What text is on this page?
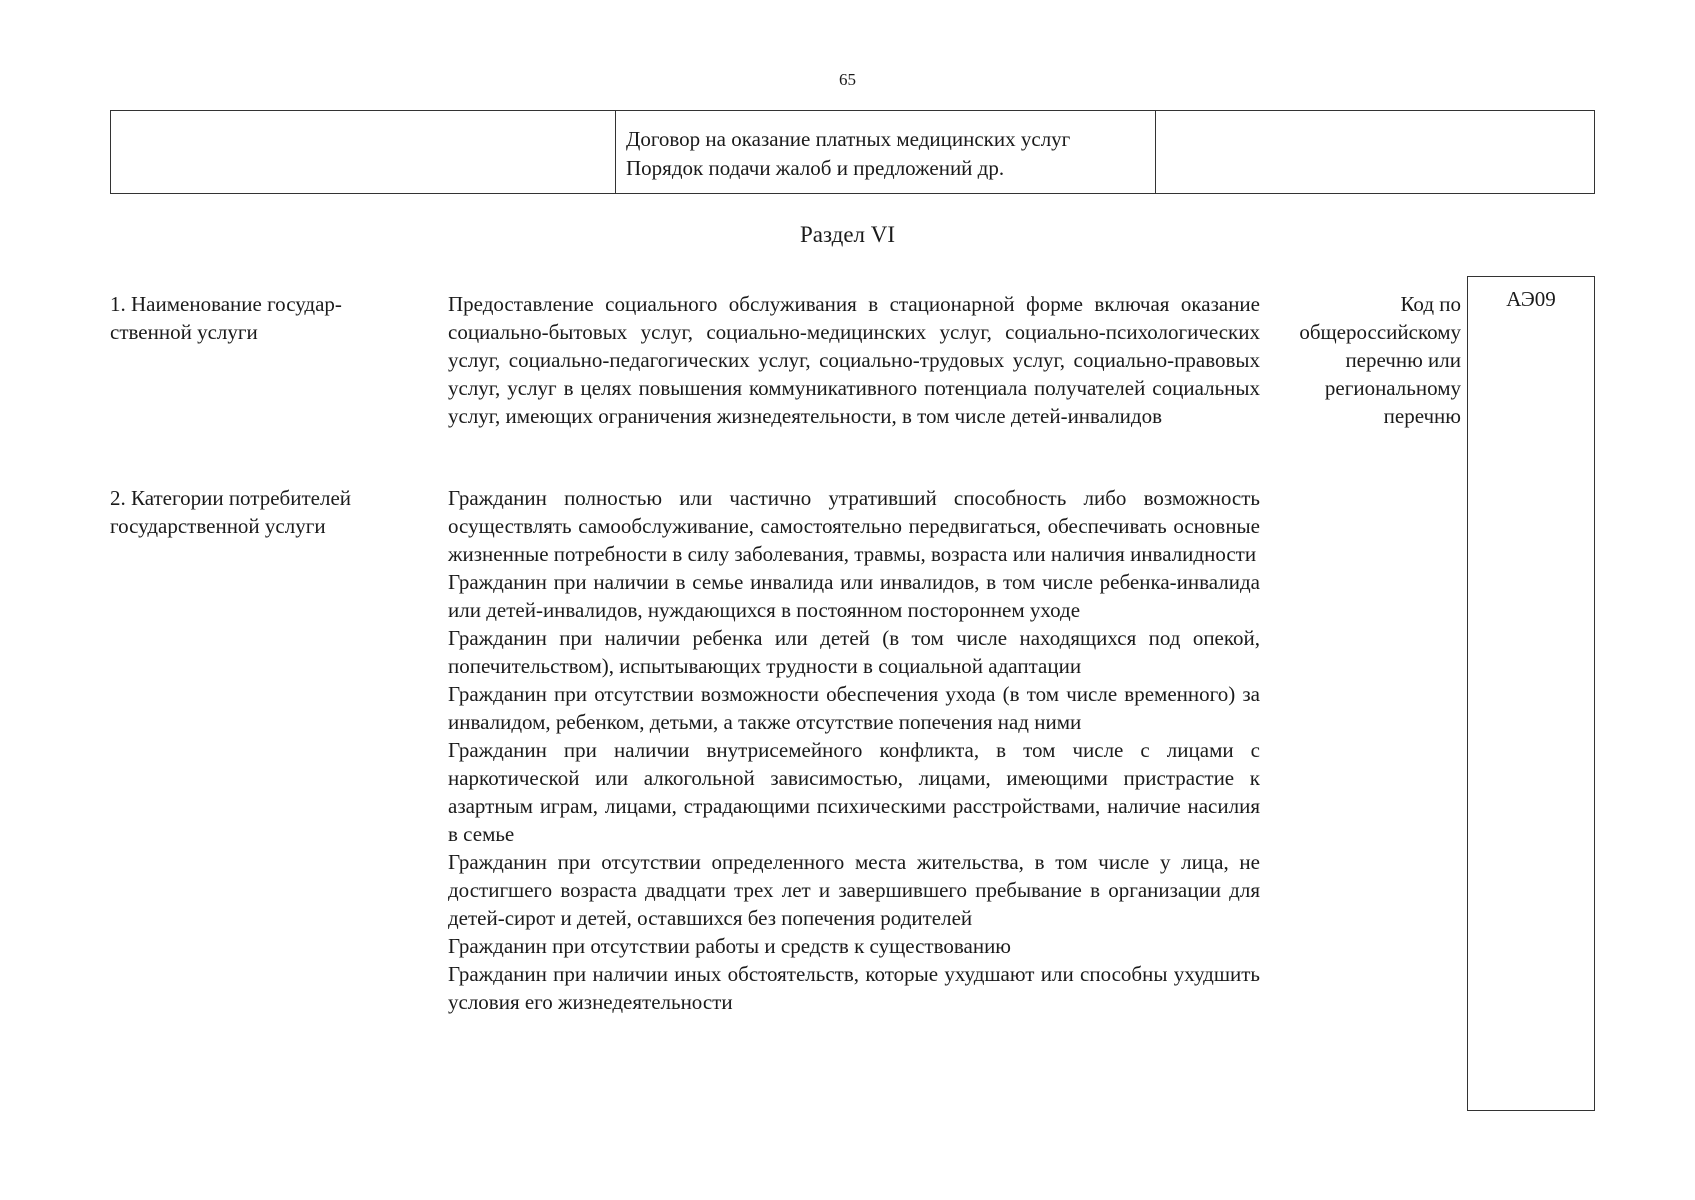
65
Договор на оказание платных медицинских услуг
Порядок подачи жалоб и предложений др.
Раздел VI
1. Наименование государ-ственной услуги

Предоставление социального обслуживания в стационарной форме включая оказание социально-бытовых услуг, социально-медицинских услуг, социально-психологических услуг, социально-педагогических услуг, социально-трудовых услуг, социально-правовых услуг, услуг в целях повышения коммуникативного потенциала получателей социальных услуг, имеющих ограничения жизнедеятельности, в том числе детей-инвалидов

Код по общероссийскому перечню или региональному перечню
АЭ09
2. Категории потребителей государственной услуги

Гражданин полностью или частично утративший способность либо возможность осуществлять самообслуживание, самостоятельно передвигаться, обеспечивать основные жизненные потребности в силу заболевания, травмы, возраста или наличия инвалидности

Гражданин при наличии в семье инвалида или инвалидов, в том числе ребенка-инвалида или детей-инвалидов, нуждающихся в постоянном постороннем уходе

Гражданин при наличии ребенка или детей (в том числе находящихся под опекой, попечительством), испытывающих трудности в социальной адаптации

Гражданин при отсутствии возможности обеспечения ухода (в том числе временного) за инвалидом, ребенком, детьми, а также отсутствие попечения над ними

Гражданин при наличии внутрисемейного конфликта, в том числе с лицами с наркотической или алкогольной зависимостью, лицами, имеющими пристрастие к азартным играм, лицами, страдающими психическими расстройствами, наличие насилия в семье

Гражданин при отсутствии определенного места жительства, в том числе у лица, не достигшего возраста двадцати трех лет и завершившего пребывание в организации для детей-сирот и детей, оставшихся без попечения родителей

Гражданин при отсутствии работы и средств к существованию

Гражданин при наличии иных обстоятельств, которые ухудшают или способны ухудшить условия его жизнедеятельности
